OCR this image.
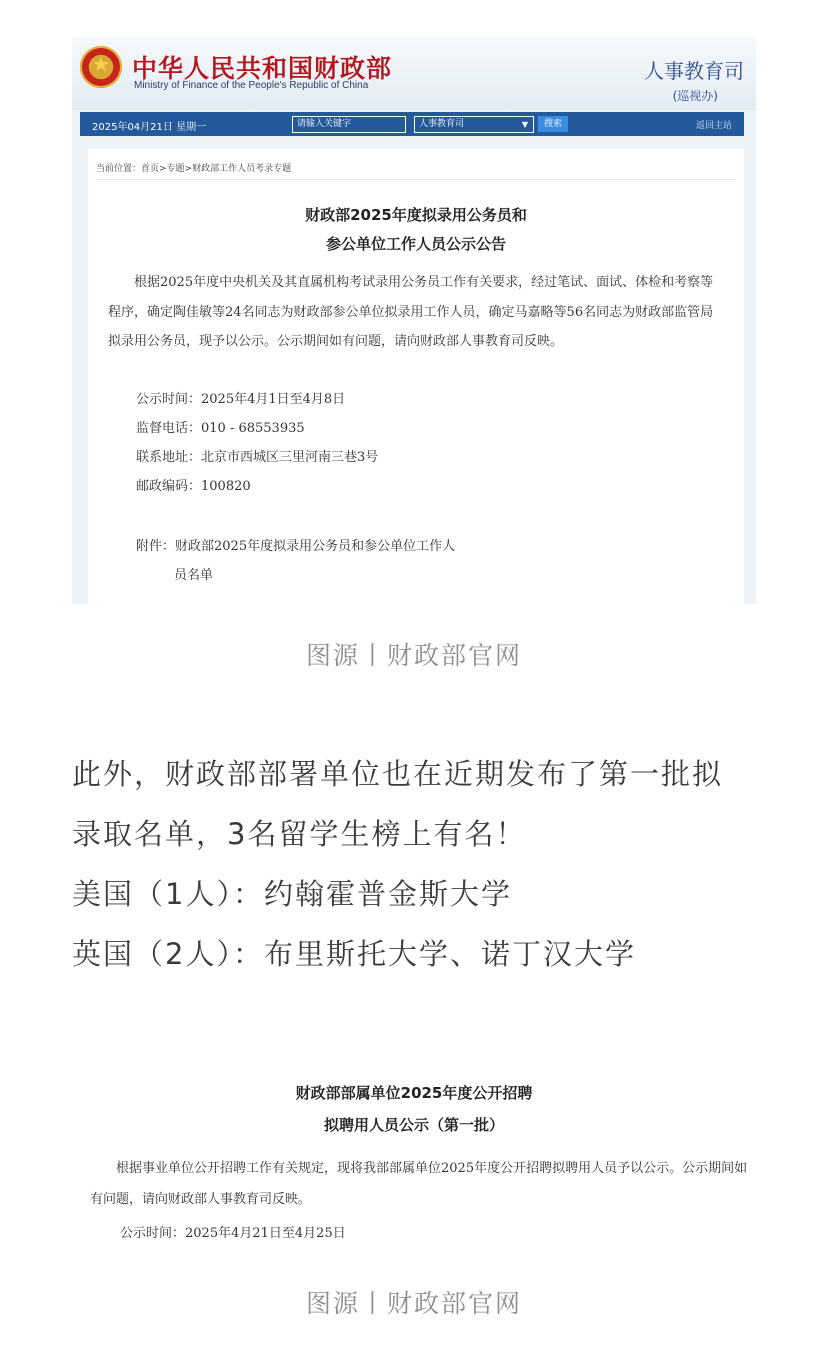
★ 中华人民共和国财政部
Ministry of Finance of the People's Republic of China
人事教育司
(巡视办)
2025年04月21日 星期一	请输入关键字	人事教育司	▼	搜索	返回主站
当前位置：首页>专题>财政部工作人员考录专题
财政部2025年度拟录用公务员和
参公单位工作人员公示公告
根据2025年度中央机关及其直属机构考试录用公务员工作有关要求，经过笔试、面试、体检和考察等程序，确定陶佳敏等24名同志为财政部参公单位拟录用工作人员，确定马嘉略等56名同志为财政部监管局拟录用公务员，现予以公示。公示期间如有问题，请向财政部人事教育司反映。
公示时间：2025年4月1日至4月8日
监督电话：010 - 68553935
联系地址：北京市西城区三里河南三巷3号
邮政编码：100820
附件：财政部2025年度拟录用公务员和参公单位工作人
员名单
图源丨财政部官网
此外，财政部部署单位也在近期发布了第一批拟
录取名单，3名留学生榜上有名！
美国（1人）：约翰霍普金斯大学
英国（2人）：布里斯托大学、诺丁汉大学
财政部部属单位2025年度公开招聘
拟聘用人员公示（第一批）
根据事业单位公开招聘工作有关规定，现将我部部属单位2025年度公开招聘拟聘用人员予以公示。公示期间如有问题，请向财政部人事教育司反映。
公示时间：2025年4月21日至4月25日
图源丨财政部官网
